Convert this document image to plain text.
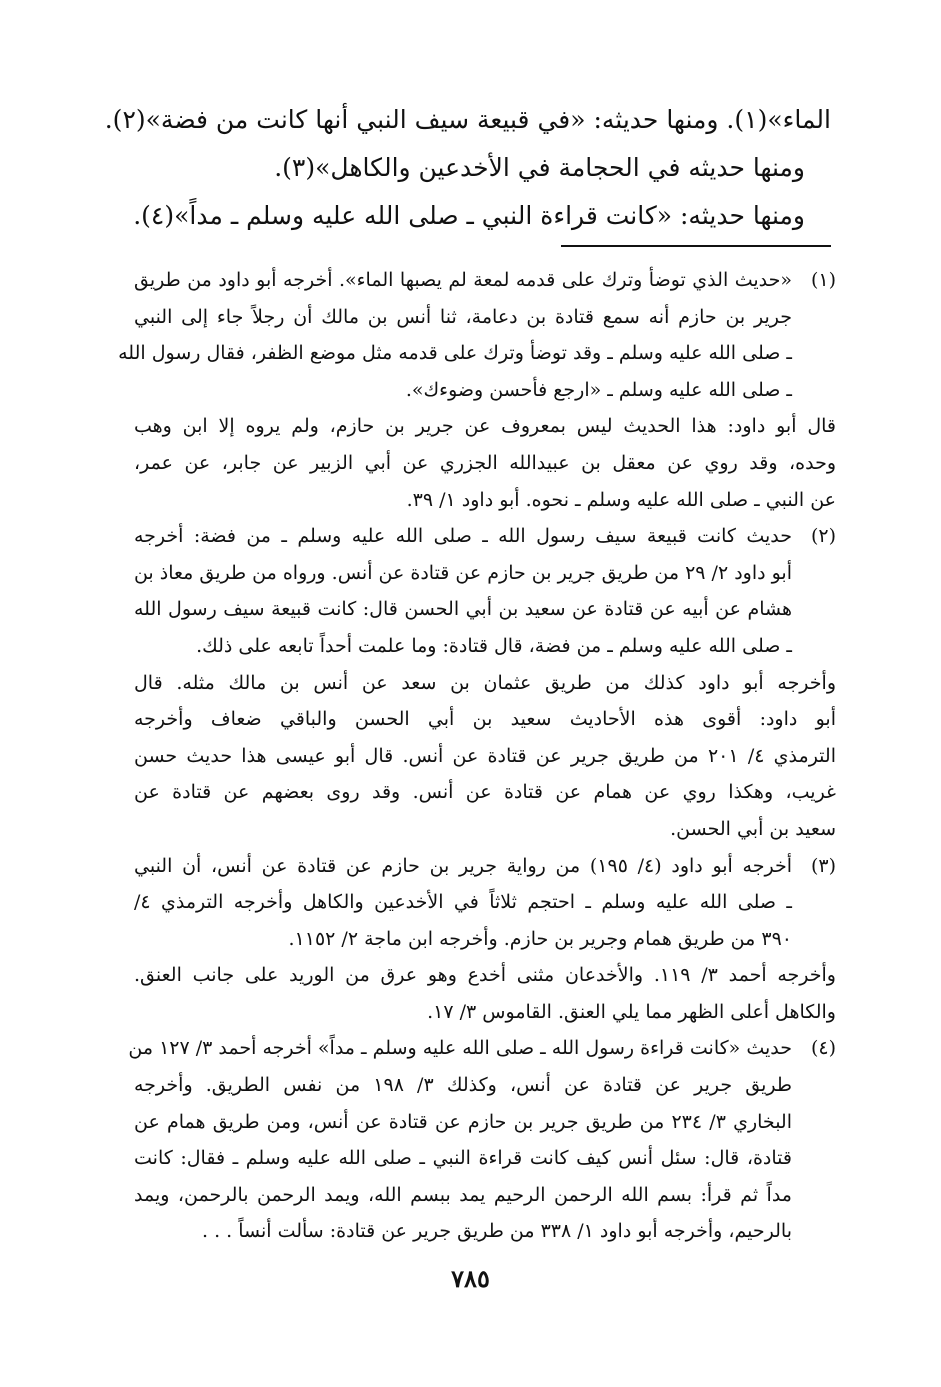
الماء»(١). ومنها حديثه: «في قبيعة سيف النبي أنها كانت من فضة»(٢).
ومنها حديثه في الحجامة في الأخدعين والكاهل»(٣).
ومنها حديثه: «كانت قراءة النبي ـ صلى الله عليه وسلم ـ مداً»(٤).
(١)
«حديث الذي توضأ وترك على قدمه لمعة لم يصبها الماء». أخرجه أبو داود من طريق
جرير بن حازم أنه سمع قتادة بن دعامة، ثنا أنس بن مالك أن رجلاً جاء إلى النبي
ـ صلى الله عليه وسلم ـ وقد توضأ وترك على قدمه مثل موضع الظفر، فقال رسول الله
ـ صلى الله عليه وسلم ـ «ارجع فأحسن وضوءك».
قال أبو داود: هذا الحديث ليس بمعروف عن جرير بن حازم، ولم يروه إلا ابن وهب
وحده، وقد روي عن معقل بن عبيدالله الجزري عن أبي الزبير عن جابر، عن عمر،
عن النبي ـ صلى الله عليه وسلم ـ نحوه. أبو داود ١/ ٣٩.
(٢)
حديث كانت قبيعة سيف رسول الله ـ صلى الله عليه وسلم ـ من فضة: أخرجه
أبو داود ٢/ ٢٩ من طريق جرير بن حازم عن قتادة عن أنس. ورواه من طريق معاذ بن
هشام عن أبيه عن قتادة عن سعيد بن أبي الحسن قال: كانت قبيعة سيف رسول الله
ـ صلى الله عليه وسلم ـ من فضة، قال قتادة: وما علمت أحداً تابعه على ذلك.
وأخرجه أبو داود كذلك من طريق عثمان بن سعد عن أنس بن مالك مثله. قال
أبو داود: أقوى هذه الأحاديث سعيد بن أبي الحسن والباقي ضعاف وأخرجه
الترمذي ٤/ ٢٠١ من طريق جرير عن قتادة عن أنس. قال أبو عيسى هذا حديث حسن
غريب، وهكذا روي عن همام عن قتادة عن أنس. وقد روى بعضهم عن قتادة عن
سعيد بن أبي الحسن.
(٣)
أخرجه أبو داود (٤/ ١٩٥) من رواية جرير بن حازم عن قتادة عن أنس، أن النبي
ـ صلى الله عليه وسلم ـ احتجم ثلاثاً في الأخدعين والكاهل وأخرجه الترمذي ٤/
٣٩٠ من طريق همام وجرير بن حازم. وأخرجه ابن ماجة ٢/ ١١٥٢.
وأخرجه أحمد ٣/ ١١٩. والأخدعان مثنى أخدع وهو عرق من الوريد على جانب العنق.
والكاهل أعلى الظهر مما يلي العنق. القاموس ٣/ ١٧.
(٤)
حديث «كانت قراءة رسول الله ـ صلى الله عليه وسلم ـ مداً» أخرجه أحمد ٣/ ١٢٧ من
طريق جرير عن قتادة عن أنس، وكذلك ٣/ ١٩٨ من نفس الطريق. وأخرجه
البخاري ٣/ ٢٣٤ من طريق جرير بن حازم عن قتادة عن أنس، ومن طريق همام عن
قتادة، قال: سئل أنس كيف كانت قراءة النبي ـ صلى الله عليه وسلم ـ فقال: كانت
مداً ثم قرأ: بسم الله الرحمن الرحيم يمد ببسم الله، ويمد الرحمن بالرحمن، ويمد
بالرحيم، وأخرجه أبو داود ١/ ٣٣٨ من طريق جرير عن قتادة: سألت أنساً . . .
٧٨٥
